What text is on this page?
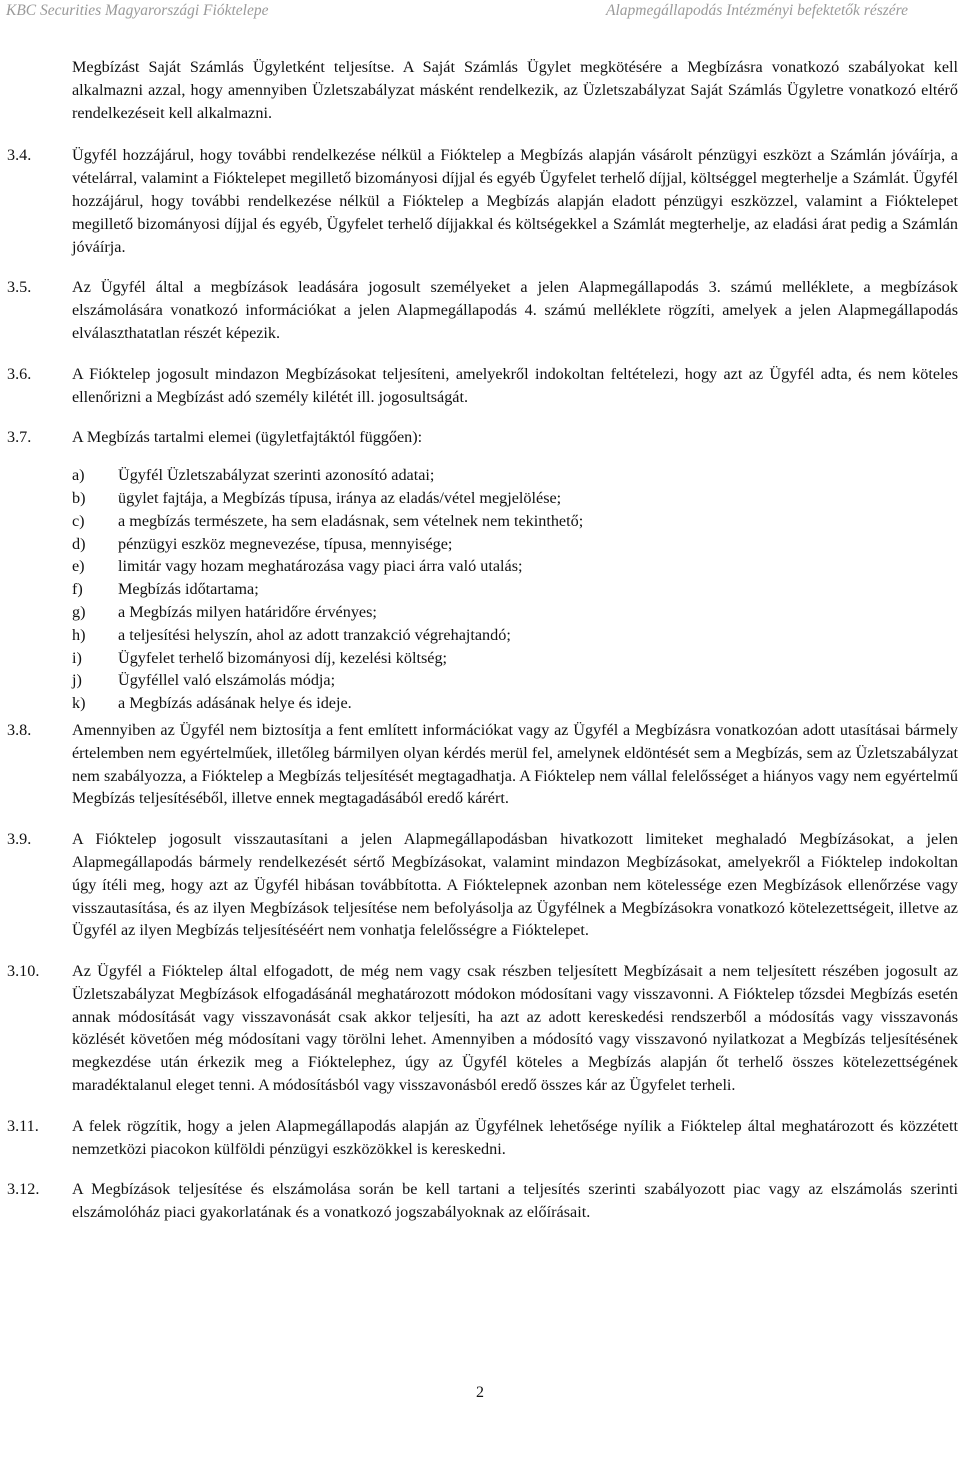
KBC Securities Magyarországi Fióktelepe	Alapmegállapodás Intézményi befektetők részére
Megbízást Saját Számlás Ügyletként teljesítse. A Saját Számlás Ügylet megkötésére a Megbízásra vonatkozó szabályokat kell alkalmazni azzal, hogy amennyiben Üzletszabályzat másként rendelkezik, az Üzletszabályzat Saját Számlás Ügyletre vonatkozó eltérő rendelkezéseit kell alkalmazni.
3.4.	Ügyfél hozzájárul, hogy további rendelkezése nélkül a Fióktelep a Megbízás alapján vásárolt pénzügyi eszközt a Számlán jóváírja, a vételárral, valamint a Fióktelepet megillető bizományosi díjjal és egyéb Ügyfelet terhelő díjjal, költséggel megterhelje a Számlát. Ügyfél hozzájárul, hogy további rendelkezése nélkül a Fióktelep a Megbízás alapján eladott pénzügyi eszközzel, valamint a Fióktelepet megillető bizományosi díjjal és egyéb, Ügyfelet terhelő díjjakkal és költségekkel a Számlát megterhelje, az eladási árat pedig a Számlán jóváírja.
3.5.	Az Ügyfél által a megbízások leadására jogosult személyeket a jelen Alapmegállapodás 3. számú melléklete, a megbízások elszámolására vonatkozó információkat a jelen Alapmegállapodás 4. számú melléklete rögzíti, amelyek a jelen Alapmegállapodás elválaszthatatlan részét képezik.
3.6.	A Fióktelep jogosult mindazon Megbízásokat teljesíteni, amelyekről indokoltan feltételezi, hogy azt az Ügyfél adta, és nem köteles ellenőrizni a Megbízást adó személy kilétét ill. jogosultságát.
3.7.	A Megbízás tartalmi elemei (ügyletfajtáktól függően):
a)	Ügyfél Üzletszabályzat szerinti azonosító adatai;
b)	ügylet fajtája, a Megbízás típusa, iránya az eladás/vétel megjelölése;
c)	a megbízás természete, ha sem eladásnak, sem vételnek nem tekinthető;
d)	pénzügyi eszköz megnevezése, típusa, mennyisége;
e)	limitár vagy hozam meghatározása vagy piaci árra való utalás;
f)	Megbízás időtartama;
g)	a Megbízás milyen határidőre érvényes;
h)	a teljesítési helyszín, ahol az adott tranzakció végrehajtandó;
i)	Ügyfelet terhelő bizományosi díj, kezelési költség;
j)	Ügyféllel való elszámolás módja;
k)	a Megbízás adásának helye és ideje.
3.8.	Amennyiben az Ügyfél nem biztosítja a fent említett információkat vagy az Ügyfél a Megbízásra vonatkozóan adott utasításai bármely értelemben nem egyértelműek, illetőleg bármilyen olyan kérdés merül fel, amelynek eldöntését sem a Megbízás, sem az Üzletszabályzat nem szabályozza, a Fióktelep a Megbízás teljesítését megtagadhatja. A Fióktelep nem vállal felelősséget a hiányos vagy nem egyértelmű Megbízás teljesítéséből, illetve ennek megtagadásából eredő kárért.
3.9.	A Fióktelep jogosult visszautasítani a jelen Alapmegállapodásban hivatkozott limiteket meghaladó Megbízásokat, a jelen Alapmegállapodás bármely rendelkezését sértő Megbízásokat, valamint mindazon Megbízásokat, amelyekről a Fióktelep indokoltan úgy ítéli meg, hogy azt az Ügyfél hibásan továbbította. A Fióktelepnek azonban nem kötelessége ezen Megbízások ellenőrzése vagy visszautasítása, és az ilyen Megbízások teljesítése nem befolyásolja az Ügyfélnek a Megbízásokra vonatkozó kötelezettségeit, illetve az Ügyfél az ilyen Megbízás teljesítéséért nem vonhatja felelősségre a Fióktelepet.
3.10.	Az Ügyfél a Fióktelep által elfogadott, de még nem vagy csak részben teljesített Megbízásait a nem teljesített részében jogosult az Üzletszabályzat Megbízások elfogadásánál meghatározott módokon módosítani vagy visszavonni. A Fióktelep tőzsdei Megbízás esetén annak módosítását vagy visszavonását csak akkor teljesíti, ha azt az adott kereskedési rendszerből a módosítás vagy visszavonás közlését követően még módosítani vagy törölni lehet. Amennyiben a módosító vagy visszavonó nyilatkozat a Megbízás teljesítésének megkezdése után érkezik meg a Fióktelephez, úgy az Ügyfél köteles a Megbízás alapján őt terhelő összes kötelezettségének maradéktalanul eleget tenni. A módosításból vagy visszavonásból eredő összes kár az Ügyfelet terheli.
3.11.	A felek rögzítik, hogy a jelen Alapmegállapodás alapján az Ügyfélnek lehetősége nyílik a Fióktelep által meghatározott és közzétett nemzetközi piacokon külföldi pénzügyi eszközökkel is kereskedni.
3.12.	A Megbízások teljesítése és elszámolása során be kell tartani a teljesítés szerinti szabályozott piac vagy az elszámolás szerinti elszámolóház piaci gyakorlatának és a vonatkozó jogszabályoknak az előírásait.
2
